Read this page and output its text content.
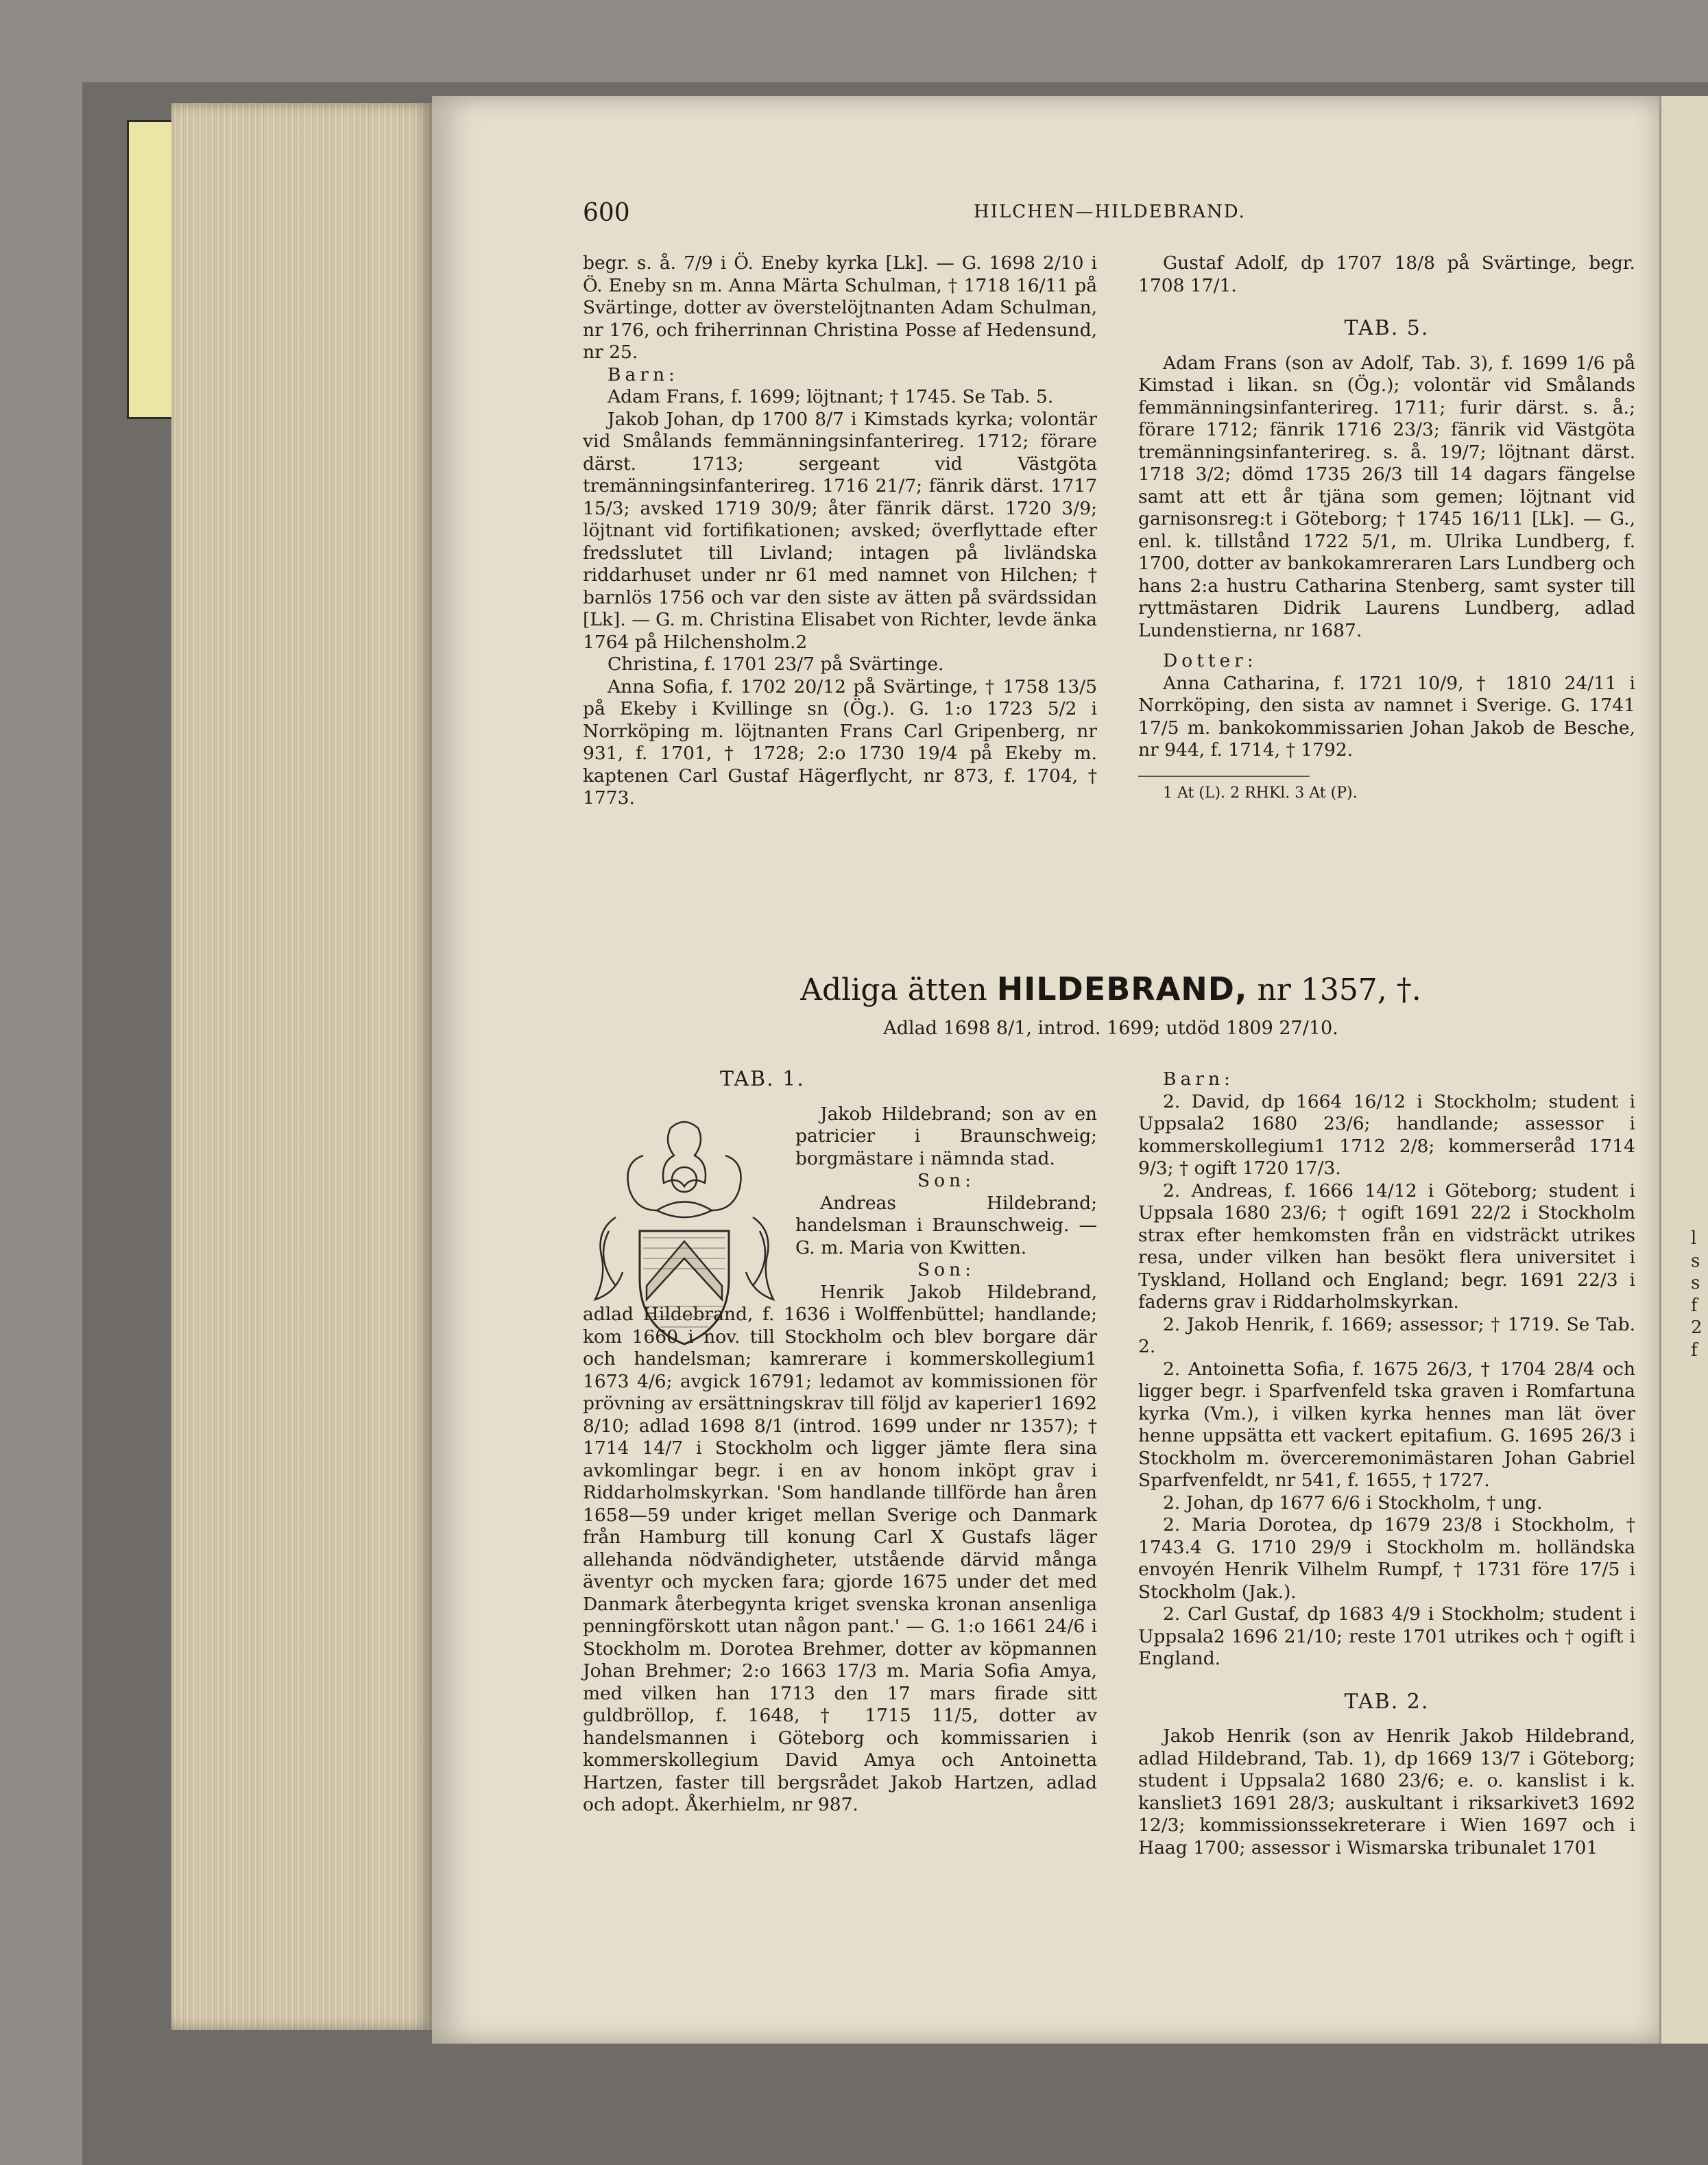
l
s
s
f
2
f
600	HILCHEN—HILDEBRAND.

begr. s. å. 7/9 i Ö. Eneby kyrka [Lk]. — G. 1698 2/10 i Ö. Eneby sn m. Anna Märta Schulman, † 1718 16/11 på Svärtinge, dotter av överstelöjtnanten Adam Schulman, nr 176, och friherrinnan Christina Posse af Hedensund, nr 25.

Barn:

Adam Frans, f. 1699; löjtnant; † 1745. Se Tab. 5.

Jakob Johan, dp 1700 8/7 i Kimstads kyrka; volontär vid Smålands femmänningsinfanterireg. 1712; förare därst. 1713; sergeant vid Västgöta tremänningsinfanterireg. 1716 21/7; fänrik därst. 1717 15/3; avsked 1719 30/9; åter fänrik därst. 1720 3/9; löjtnant vid fortifikationen; avsked; överflyttade efter fredsslutet till Livland; intagen på livländska riddarhuset under nr 61 med namnet von Hilchen; † barnlös 1756 och var den siste av ätten på svärdssidan [Lk]. — G. m. Christina Elisabet von Richter, levde änka 1764 på Hilchensholm.2

Christina, f. 1701 23/7 på Svärtinge.

Anna Sofia, f. 1702 20/12 på Svärtinge, † 1758 13/5 på Ekeby i Kvillinge sn (Ög.). G. 1:o 1723 5/2 i Norrköping m. löjtnanten Frans Carl Gripenberg, nr 931, f. 1701, † 1728; 2:o 1730 19/4 på Ekeby m. kaptenen Carl Gustaf Hägerflycht, nr 873, f. 1704, † 1773.

Gustaf Adolf, dp 1707 18/8 på Svärtinge, begr. 1708 17/1.

TAB. 5.

Adam Frans (son av Adolf, Tab. 3), f. 1699 1/6 på Kimstad i likan. sn (Ög.); volontär vid Smålands femmänningsinfanterireg. 1711; furir därst. s. å.; förare 1712; fänrik 1716 23/3; fänrik vid Västgöta tremänningsinfanterireg. s. å. 19/7; löjtnant därst. 1718 3/2; dömd 1735 26/3 till 14 dagars fängelse samt att ett år tjäna som gemen; löjtnant vid garnisonsreg:t i Göteborg; † 1745 16/11 [Lk]. — G., enl. k. tillstånd 1722 5/1, m. Ulrika Lundberg, f. 1700, dotter av bankokamreraren Lars Lundberg och hans 2:a hustru Catharina Stenberg, samt syster till ryttmästaren Didrik Laurens Lundberg, adlad Lundenstierna, nr 1687.

Dotter:

Anna Catharina, f. 1721 10/9, † 1810 24/11 i Norrköping, den sista av namnet i Sverige. G. 1741 17/5 m. bankokommissarien Johan Jakob de Besche, nr 944, f. 1714, † 1792.

1 At (L). 2 RHKl. 3 At (P).

Adliga ätten HILDEBRAND, nr 1357, †.
Adlad 1698 8/1, introd. 1699; utdöd 1809 27/10.

TAB. 1.

Jakob Hildebrand; son av en patricier i Braunschweig; borgmästare i nämnda stad.

Son:

Andreas Hildebrand; handelsman i Braunschweig. — G. m. Maria von Kwitten.

Son:

Henrik Jakob Hildebrand, adlad Hildebrand, f. 1636 i Wolffenbüttel; handlande; kom 1660 i nov. till Stockholm och blev borgare där och handelsman; kamrerare i kommerskollegium1 1673 4/6; avgick 16791; ledamot av kommissionen för prövning av ersättningskrav till följd av kaperier1 1692 8/10; adlad 1698 8/1 (introd. 1699 under nr 1357); † 1714 14/7 i Stockholm och ligger jämte flera sina avkomlingar begr. i en av honom inköpt grav i Riddarholmskyrkan. 'Som handlande tillförde han åren 1658—59 under kriget mellan Sverige och Danmark från Hamburg till konung Carl X Gustafs läger allehanda nödvändigheter, utstående därvid många äventyr och mycken fara; gjorde 1675 under det med Danmark återbegynta kriget svenska kronan ansenliga penningförskott utan någon pant.' — G. 1:o 1661 24/6 i Stockholm m. Dorotea Brehmer, dotter av köpmannen Johan Brehmer; 2:o 1663 17/3 m. Maria Sofia Amya, med vilken han 1713 den 17 mars firade sitt guldbröllop, f. 1648, † 1715 11/5, dotter av handelsmannen i Göteborg och kommissarien i kommerskollegium David Amya och Antoinetta Hartzen, faster till bergsrådet Jakob Hartzen, adlad och adopt. Åkerhielm, nr 987.

Barn:

2. David, dp 1664 16/12 i Stockholm; student i Uppsala2 1680 23/6; handlande; assessor i kommerskollegium1 1712 2/8; kommerseråd 1714 9/3; † ogift 1720 17/3.

2. Andreas, f. 1666 14/12 i Göteborg; student i Uppsala 1680 23/6; † ogift 1691 22/2 i Stockholm strax efter hemkomsten från en vidsträckt utrikes resa, under vilken han besökt flera universitet i Tyskland, Holland och England; begr. 1691 22/3 i faderns grav i Riddarholmskyrkan.

2. Jakob Henrik, f. 1669; assessor; † 1719. Se Tab. 2.

2. Antoinetta Sofia, f. 1675 26/3, † 1704 28/4 och ligger begr. i Sparfvenfeld tska graven i Romfartuna kyrka (Vm.), i vilken kyrka hennes man lät över henne uppsätta ett vackert epitafium. G. 1695 26/3 i Stockholm m. överceremonimästaren Johan Gabriel Sparfvenfeldt, nr 541, f. 1655, † 1727.

2. Johan, dp 1677 6/6 i Stockholm, † ung.

2. Maria Dorotea, dp 1679 23/8 i Stockholm, † 1743.4 G. 1710 29/9 i Stockholm m. holländska envoyén Henrik Vilhelm Rumpf, † 1731 före 17/5 i Stockholm (Jak.).

2. Carl Gustaf, dp 1683 4/9 i Stockholm; student i Uppsala2 1696 21/10; reste 1701 utrikes och † ogift i England.

TAB. 2.

Jakob Henrik (son av Henrik Jakob Hildebrand, adlad Hildebrand, Tab. 1), dp 1669 13/7 i Göteborg; student i Uppsala2 1680 23/6; e. o. kanslist i k. kansliet3 1691 28/3; auskultant i riksarkivet3 1692 12/3; kommissionssekreterare i Wien 1697 och i Haag 1700; assessor i Wismarska tribunalet 1701
